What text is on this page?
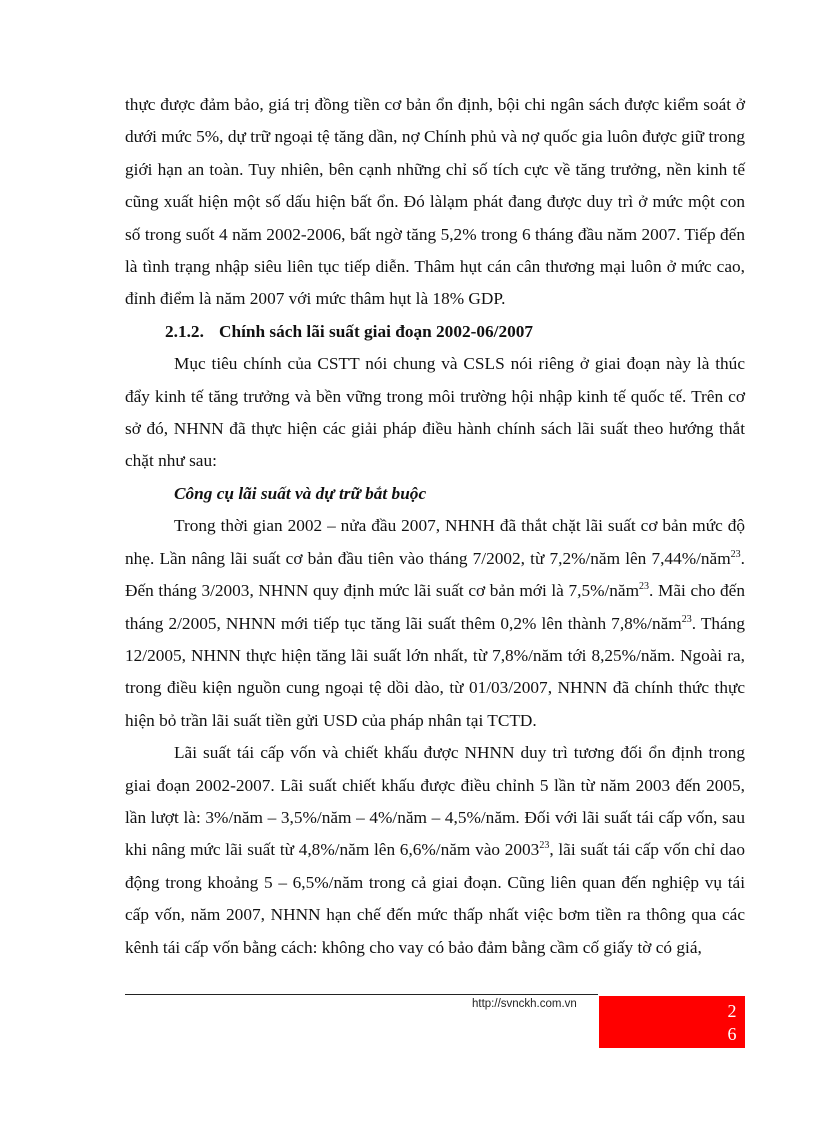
thực được đảm bảo, giá trị đồng tiền cơ bản ổn định, bội chi ngân sách được kiểm soát ở dưới mức 5%, dự trữ ngoại tệ tăng dần, nợ Chính phủ và nợ quốc gia luôn được giữ trong giới hạn an toàn. Tuy nhiên, bên cạnh những chỉ số tích cực về tăng trưởng, nền kinh tế cũng xuất hiện một số dấu hiện bất ổn. Đó làlạm phát đang được duy trì ở mức một con số trong suốt 4 năm 2002-2006, bất ngờ tăng 5,2% trong 6 tháng đầu năm 2007. Tiếp đến là tình trạng nhập siêu liên tục tiếp diễn. Thâm hụt cán cân thương mại luôn ở mức cao, đỉnh điểm là năm 2007 với mức thâm hụt là 18% GDP.

2.1.2. Chính sách lãi suất giai đoạn 2002-06/2007

Mục tiêu chính của CSTT nói chung và CSLS nói riêng ở giai đoạn này là thúc đẩy kinh tế tăng trưởng và bền vững trong môi trường hội nhập kinh tế quốc tế. Trên cơ sở đó, NHNN đã thực hiện các giải pháp điều hành chính sách lãi suất theo hướng thắt chặt như sau:

Công cụ lãi suất và dự trữ bắt buộc

Trong thời gian 2002 – nửa đầu 2007, NHNH đã thắt chặt lãi suất cơ bản mức độ nhẹ. Lần nâng lãi suất cơ bản đầu tiên vào tháng 7/2002, từ 7,2%/năm lên 7,44%/năm$^{23}$. Đến tháng 3/2003, NHNN quy định mức lãi suất cơ bản mới là 7,5%/năm$^{23}$. Mãi cho đến tháng 2/2005, NHNN mới tiếp tục tăng lãi suất thêm 0,2% lên thành 7,8%/năm$^{23}$. Tháng 12/2005, NHNN thực hiện tăng lãi suất lớn nhất, từ 7,8%/năm tới 8,25%/năm. Ngoài ra, trong điều kiện nguồn cung ngoại tệ dồi dào, từ 01/03/2007, NHNN đã chính thức thực hiện bỏ trần lãi suất tiền gửi USD của pháp nhân tại TCTD.

Lãi suất tái cấp vốn và chiết khấu được NHNN duy trì tương đối ổn định trong giai đoạn 2002-2007. Lãi suất chiết khấu được điều chỉnh 5 lần từ năm 2003 đến 2005, lần lượt là: 3%/năm – 3,5%/năm – 4%/năm – 4,5%/năm. Đối với lãi suất tái cấp vốn, sau khi nâng mức lãi suất từ 4,8%/năm lên 6,6%/năm vào 2003$^{23}$, lãi suất tái cấp vốn chỉ dao động trong khoảng 5 – 6,5%/năm trong cả giai đoạn. Cũng liên quan đến nghiệp vụ tái cấp vốn, năm 2007, NHNN hạn chế đến mức thấp nhất việc bơm tiền ra thông qua các kênh tái cấp vốn bằng cách: không cho vay có bảo đảm bằng cầm cố giấy tờ có giá,

http://svnckh.com.vn	2
6
